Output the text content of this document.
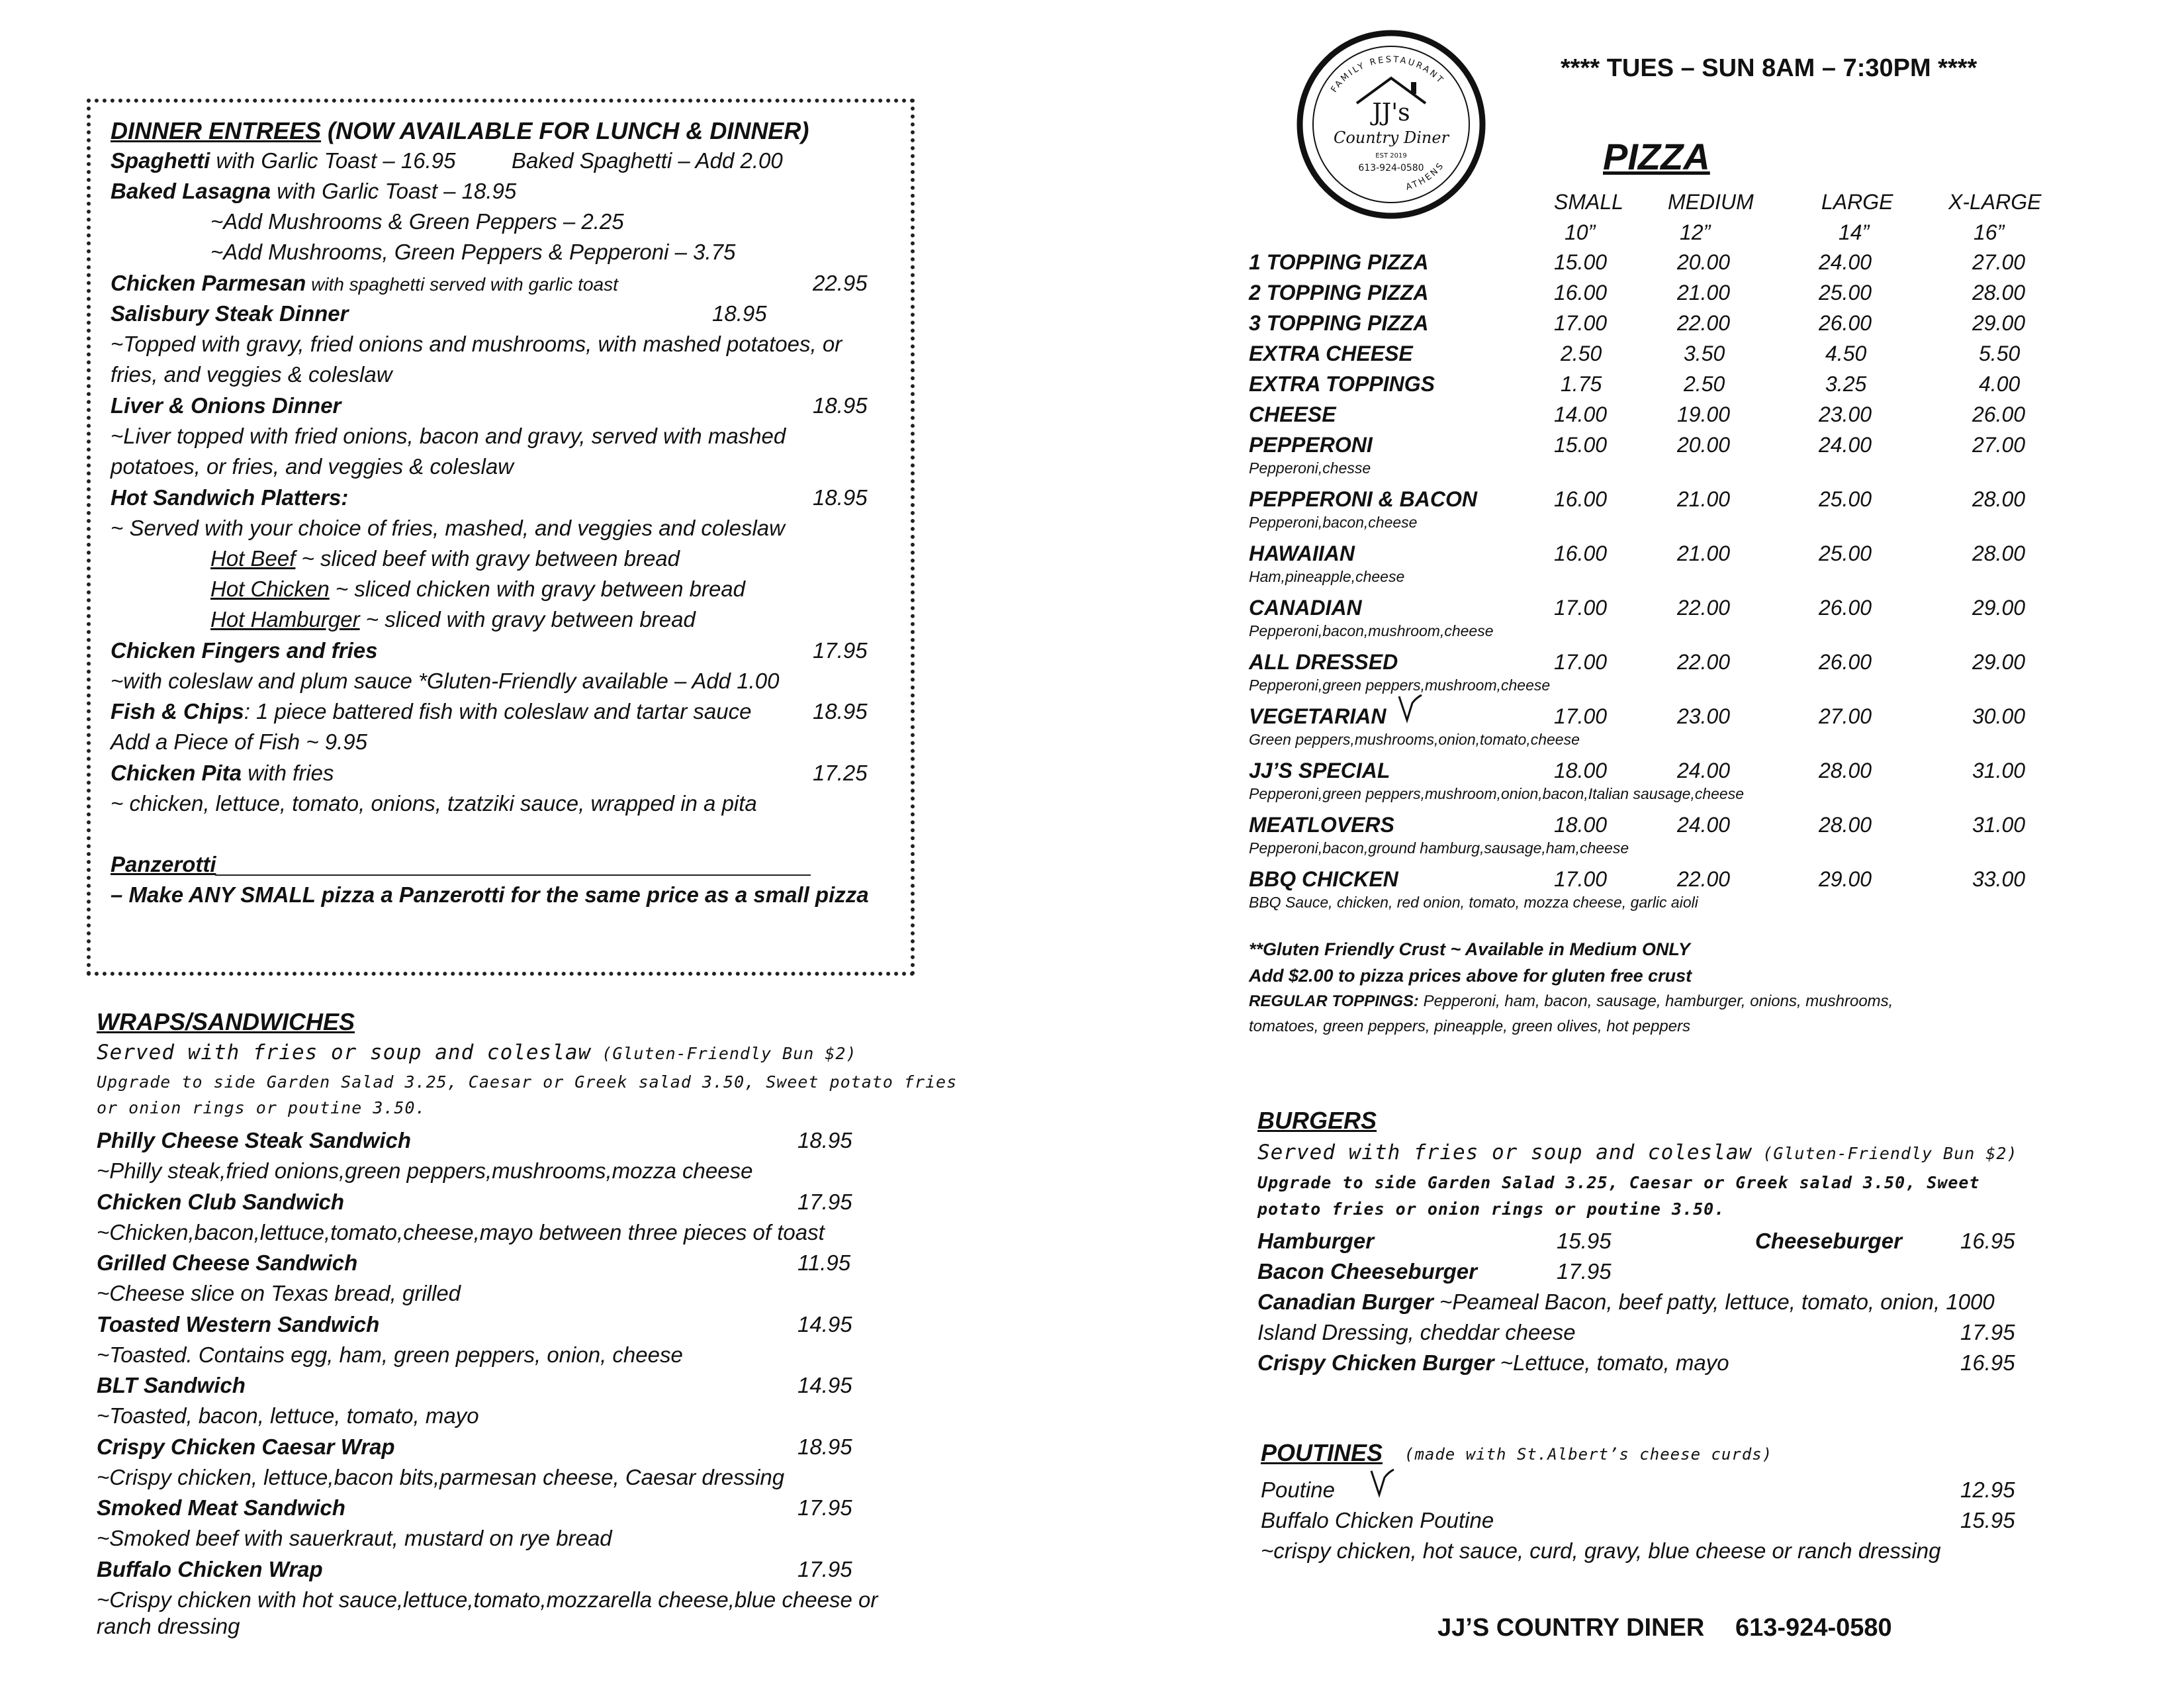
DINNER ENTREES (NOW AVAILABLE FOR LUNCH & DINNER)
Spaghetti with Garlic Toast – 16.95	Baked Spaghetti – Add 2.00
Baked Lasagna with Garlic Toast – 18.95
~Add Mushrooms & Green Peppers – 2.25
~Add Mushrooms, Green Peppers & Pepperoni – 3.75
Chicken Parmesan with spaghetti served with garlic toast	22.95
Salisbury Steak Dinner	18.95
~Topped with gravy, fried onions and mushrooms, with mashed potatoes, or
fries, and veggies & coleslaw
Liver & Onions Dinner	18.95
~Liver topped with fried onions, bacon and gravy, served with mashed
potatoes, or fries, and veggies & coleslaw
Hot Sandwich Platters:	18.95
~ Served with your choice of fries, mashed, and veggies and coleslaw
Hot Beef ~ sliced beef with gravy between bread
Hot Chicken ~ sliced chicken with gravy between bread
Hot Hamburger ~ sliced with gravy between bread
Chicken Fingers and fries	17.95
~with coleslaw and plum sauce *Gluten-Friendly available – Add 1.00
Fish & Chips: 1 piece battered fish with coleslaw and tartar sauce	18.95
Add a Piece of Fish ~ 9.95
Chicken Pita with fries	17.25
~ chicken, lettuce, tomato, onions, tzatziki sauce, wrapped in a pita
Panzerotti
– Make ANY SMALL pizza a Panzerotti for the same price as a small pizza
WRAPS/SANDWICHES
Served with fries or soup and coleslaw (Gluten-Friendly Bun $2)
Upgrade to side Garden Salad 3.25, Caesar or Greek salad 3.50, Sweet potato fries
or onion rings or poutine 3.50.
Philly Cheese Steak Sandwich	18.95
~Philly steak,fried onions,green peppers,mushrooms,mozza cheese
Chicken Club Sandwich	17.95
~Chicken,bacon,lettuce,tomato,cheese,mayo between three pieces of toast
Grilled Cheese Sandwich	11.95
~Cheese slice on Texas bread, grilled
Toasted Western Sandwich	14.95
~Toasted. Contains egg, ham, green peppers, onion, cheese
BLT Sandwich	14.95
~Toasted, bacon, lettuce, tomato, mayo
Crispy Chicken Caesar Wrap	18.95
~Crispy chicken, lettuce,bacon bits,parmesan cheese, Caesar dressing
Smoked Meat Sandwich	17.95
~Smoked beef with sauerkraut, mustard on rye bread
Buffalo Chicken Wrap	17.95
~Crispy chicken with hot sauce,lettuce,tomato,mozzarella cheese,blue cheese or
ranch dressing
FAMILY RESTAURANT
ATHENS
JJ's
Country Diner
EST 2019
613-924-0580
**** TUES – SUN 8AM – 7:30PM ****
PIZZA
SMALL MEDIUM	LARGE	X-LARGE
10”	12”	14”	16”
1 TOPPING PIZZA	15.00	20.00	24.00	27.00
2 TOPPING PIZZA	16.00	21.00	25.00	28.00
3 TOPPING PIZZA	17.00	22.00	26.00	29.00
EXTRA CHEESE	2.50	3.50	4.50	5.50
EXTRA TOPPINGS	1.75	2.50	3.25	4.00
CHEESE	14.00	19.00	23.00	26.00
PEPPERONI	15.00	20.00	24.00	27.00
Pepperoni,chesse
PEPPERONI & BACON	16.00	21.00	25.00	28.00
Pepperoni,bacon,cheese
HAWAIIAN	16.00	21.00	25.00	28.00
Ham,pineapple,cheese
CANADIAN	17.00	22.00	26.00	29.00
Pepperoni,bacon,mushroom,cheese
ALL DRESSED	17.00	22.00	26.00	29.00
Pepperoni,green peppers,mushroom,cheese
VEGETARIAN	17.00	23.00	27.00	30.00
Green peppers,mushrooms,onion,tomato,cheese
JJ’S SPECIAL	18.00	24.00	28.00	31.00
Pepperoni,green peppers,mushroom,onion,bacon,Italian sausage,cheese
MEATLOVERS	18.00	24.00	28.00	31.00
Pepperoni,bacon,ground hamburg,sausage,ham,cheese
BBQ CHICKEN	17.00	22.00	29.00	33.00
BBQ Sauce, chicken, red onion, tomato, mozza cheese, garlic aioli
**Gluten Friendly Crust ~ Available in Medium ONLY
Add $2.00 to pizza prices above for gluten free crust
REGULAR TOPPINGS: Pepperoni, ham, bacon, sausage, hamburger, onions, mushrooms,
tomatoes, green peppers, pineapple, green olives, hot peppers
BURGERS
Served with fries or soup and coleslaw (Gluten-Friendly Bun $2)
Upgrade to side Garden Salad 3.25, Caesar or Greek salad 3.50, Sweet
potato fries or onion rings or poutine 3.50.
Hamburger	15.95	Cheeseburger	16.95
Bacon Cheeseburger	17.95
Canadian Burger ~Peameal Bacon, beef patty, lettuce, tomato, onion, 1000
Island Dressing, cheddar cheese	17.95
Crispy Chicken Burger ~Lettuce, tomato, mayo	16.95
POUTINES (made with St.Albert’s cheese curds)
Poutine	12.95
Buffalo Chicken Poutine	15.95
~crispy chicken, hot sauce, curd, gravy, blue cheese or ranch dressing
JJ’S COUNTRY DINER 613-924-0580
